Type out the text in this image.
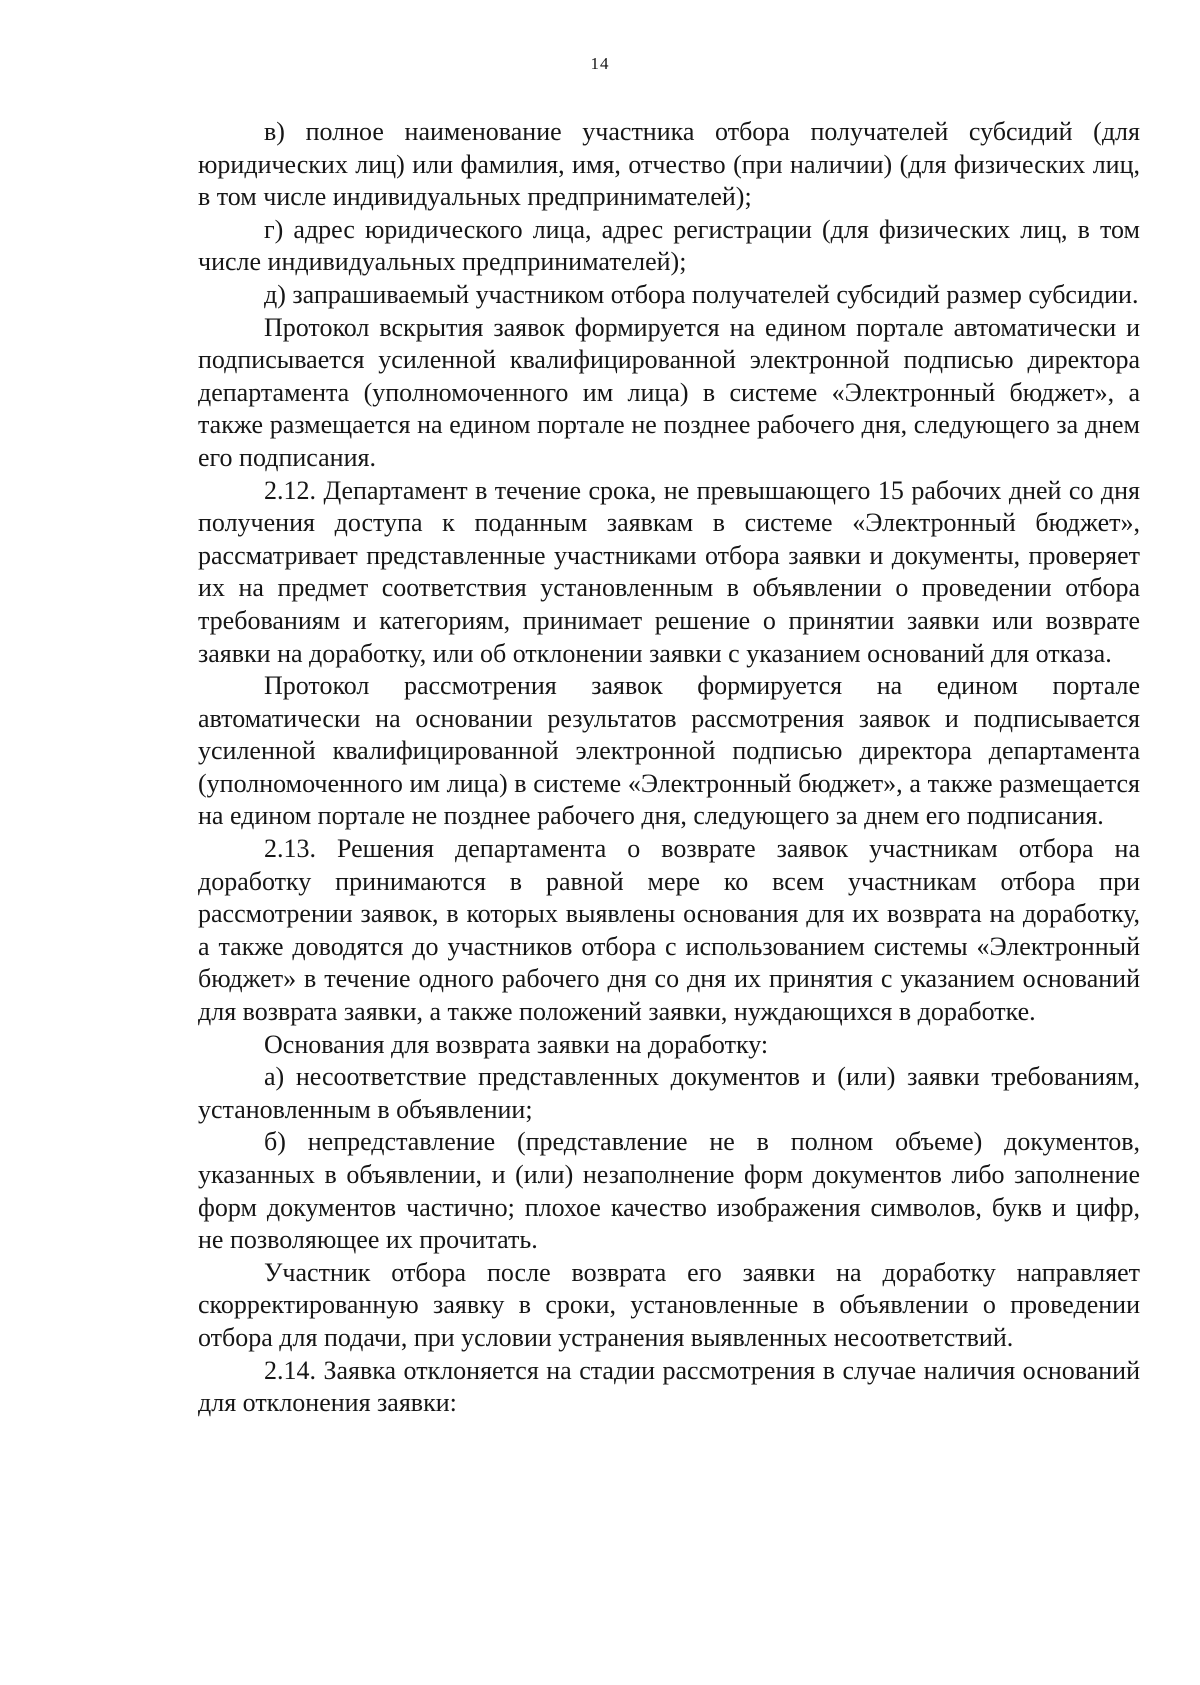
14

в) полное наименование участника отбора получателей субсидий (для юридических лиц) или фамилия, имя, отчество (при наличии) (для физических лиц, в том числе индивидуальных предпринимателей);

г) адрес юридического лица, адрес регистрации (для физических лиц, в том числе индивидуальных предпринимателей);

д) запрашиваемый участником отбора получателей субсидий размер субсидии.

Протокол вскрытия заявок формируется на едином портале автоматически и подписывается усиленной квалифицированной электронной подписью директора департамента (уполномоченного им лица) в системе «Электронный бюджет», а также размещается на едином портале не позднее рабочего дня, следующего за днем его подписания.

2.12. Департамент в течение срока, не превышающего 15 рабочих дней со дня получения доступа к поданным заявкам в системе «Электронный бюджет», рассматривает представленные участниками отбора заявки и документы, проверяет их на предмет соответствия установленным в объявлении о проведении отбора требованиям и категориям, принимает решение о принятии заявки или возврате заявки на доработку, или об отклонении заявки с указанием оснований для отказа.

Протокол рассмотрения заявок формируется на едином портале автоматически на основании результатов рассмотрения заявок и подписывается усиленной квалифицированной электронной подписью директора департамента (уполномоченного им лица) в системе «Электронный бюджет», а также размещается на едином портале не позднее рабочего дня, следующего за днем его подписания.

2.13. Решения департамента о возврате заявок участникам отбора на доработку принимаются в равной мере ко всем участникам отбора при рассмотрении заявок, в которых выявлены основания для их возврата на доработку, а также доводятся до участников отбора с использованием системы «Электронный бюджет» в течение одного рабочего дня со дня их принятия с указанием оснований для возврата заявки, а также положений заявки, нуждающихся в доработке.

Основания для возврата заявки на доработку:

а) несоответствие представленных документов и (или) заявки требованиям, установленным в объявлении;

б) непредставление (представление не в полном объеме) документов, указанных в объявлении, и (или) незаполнение форм документов либо заполнение форм документов частично; плохое качество изображения символов, букв и цифр, не позволяющее их прочитать.

Участник отбора после возврата его заявки на доработку направляет скорректированную заявку в сроки, установленные в объявлении о проведении отбора для подачи, при условии устранения выявленных несоответствий.

2.14. Заявка отклоняется на стадии рассмотрения в случае наличия оснований для отклонения заявки:
